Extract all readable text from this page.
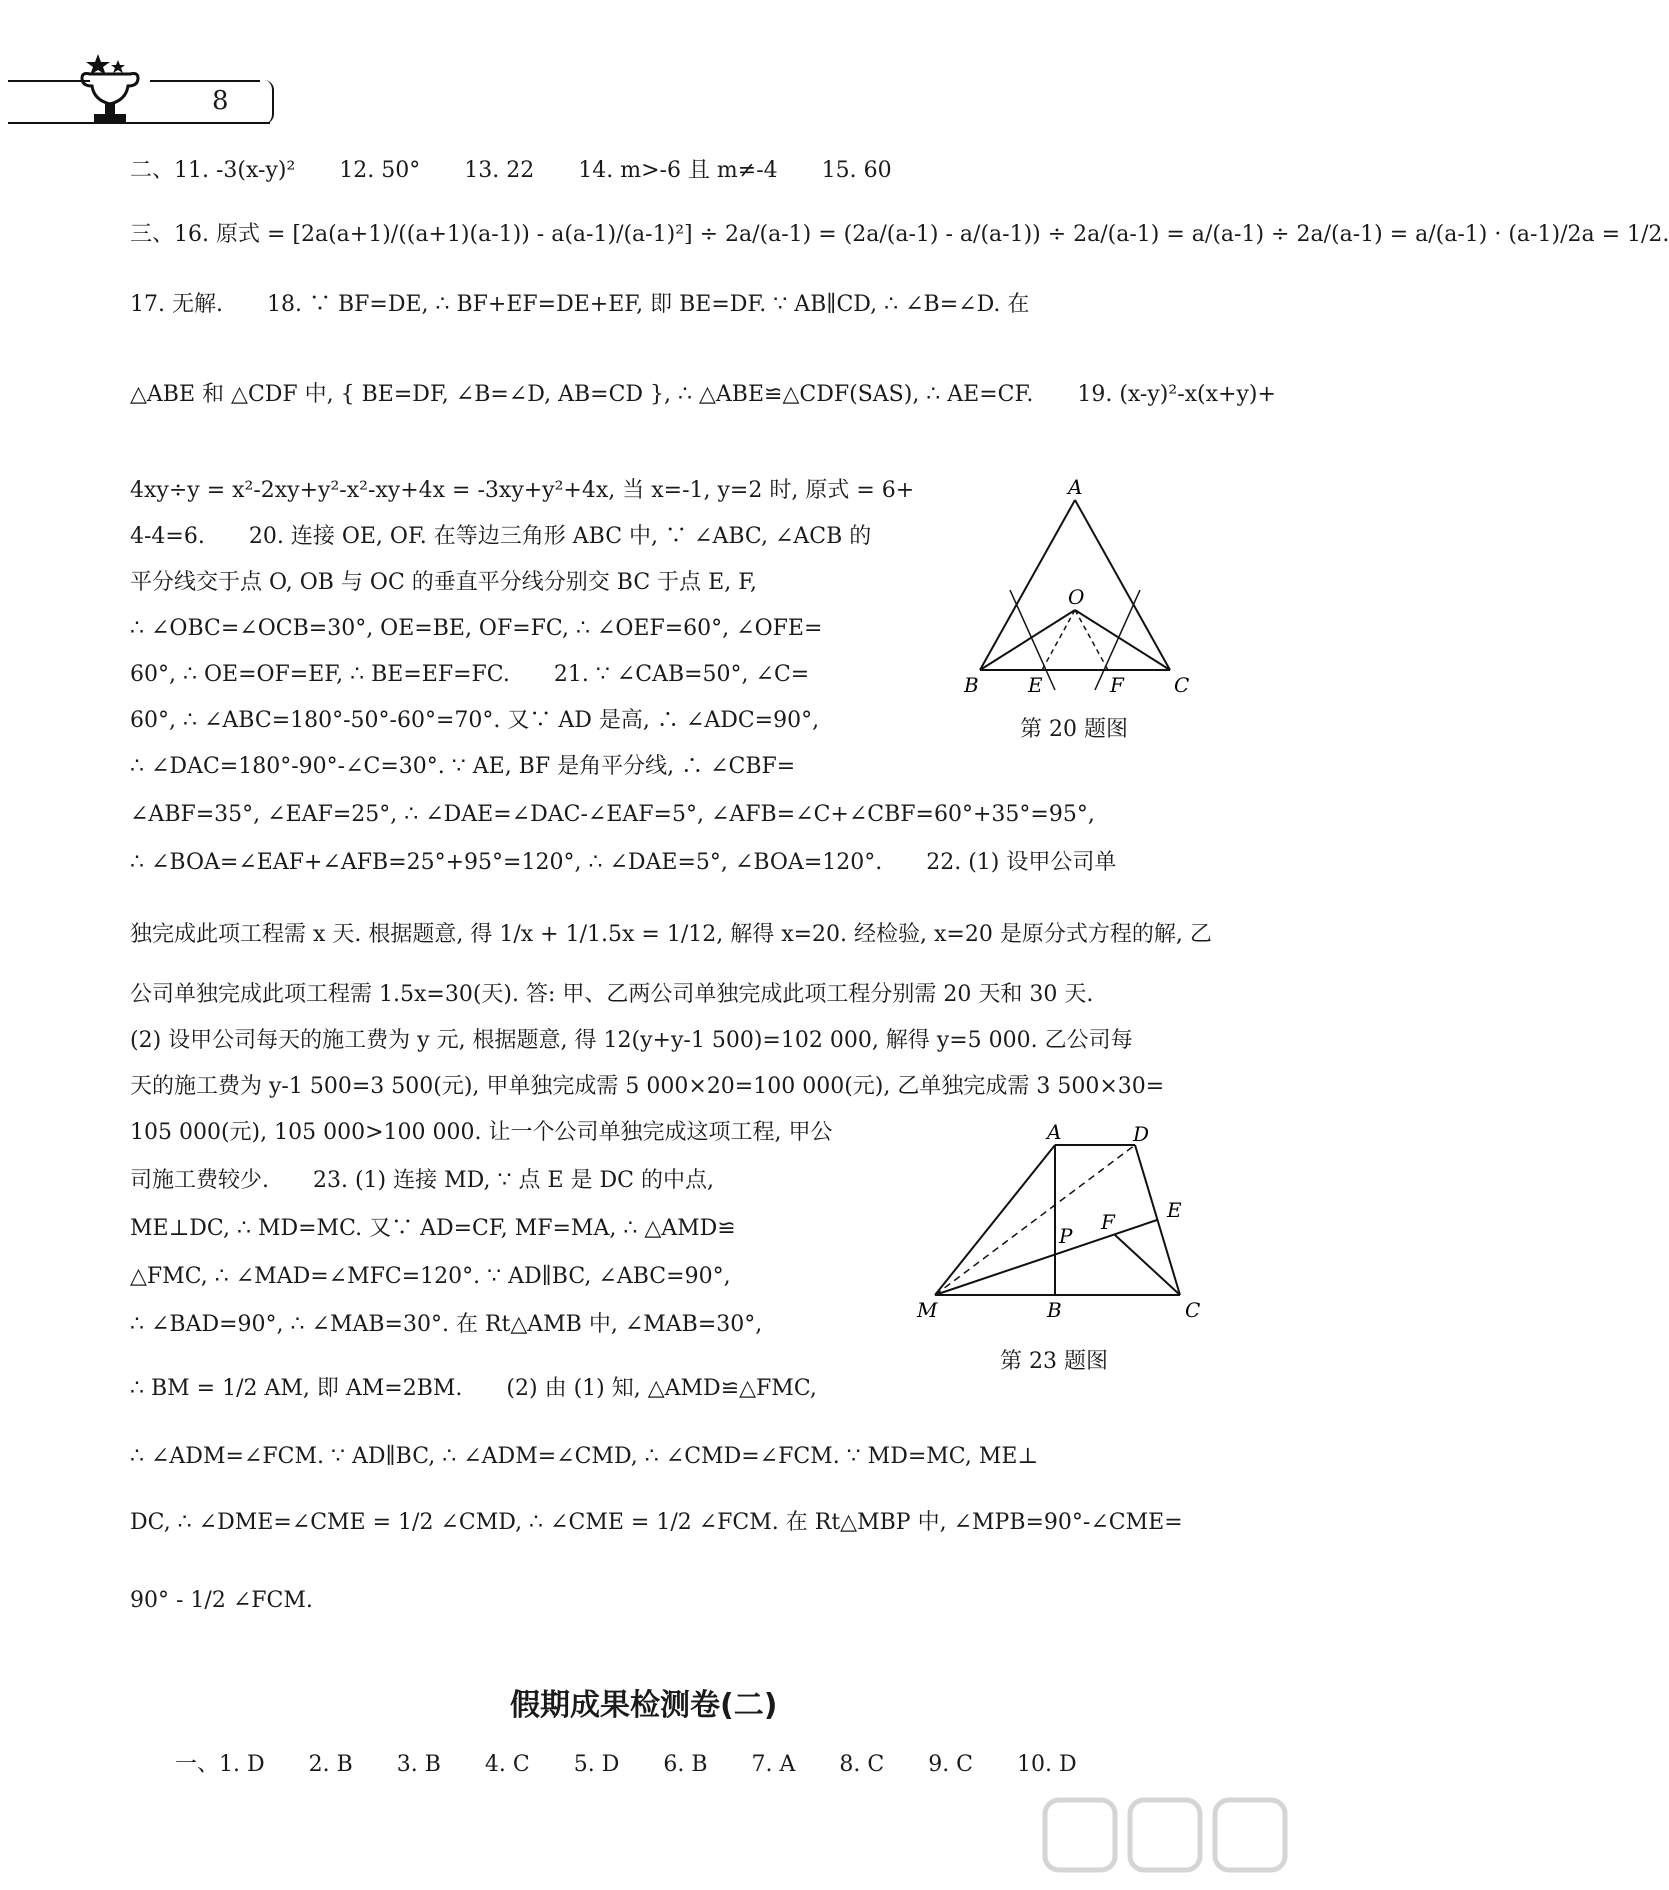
8
二、11. -3(x-y)²　　12. 50°　　13. 22　　14. m>-6 且 m≠-4　　15. 60
三、16. 原式 = [2a(a+1)/((a+1)(a-1)) - a(a-1)/(a-1)²] ÷ 2a/(a-1) = (2a/(a-1) - a/(a-1)) ÷ 2a/(a-1) = a/(a-1) ÷ 2a/(a-1) = a/(a-1) · (a-1)/2a = 1/2.
17. 无解.　　18. ∵ BF=DE, ∴ BF+EF=DE+EF, 即 BE=DF. ∵ AB∥CD, ∴ ∠B=∠D. 在
△ABE 和 △CDF 中, { BE=DF, ∠B=∠D, AB=CD }, ∴ △ABE≌△CDF(SAS), ∴ AE=CF.　　19. (x-y)²-x(x+y)+
4xy÷y = x²-2xy+y²-x²-xy+4x = -3xy+y²+4x, 当 x=-1, y=2 时, 原式 = 6+
4-4=6.　　20. 连接 OE, OF. 在等边三角形 ABC 中, ∵ ∠ABC, ∠ACB 的
平分线交于点 O, OB 与 OC 的垂直平分线分别交 BC 于点 E, F,
∴ ∠OBC=∠OCB=30°, OE=BE, OF=FC, ∴ ∠OEF=60°, ∠OFE=
60°, ∴ OE=OF=EF, ∴ BE=EF=FC.　　21. ∵ ∠CAB=50°, ∠C=
60°, ∴ ∠ABC=180°-50°-60°=70°. 又∵ AD 是高, ∴ ∠ADC=90°,
∴ ∠DAC=180°-90°-∠C=30°. ∵ AE, BF 是角平分线, ∴ ∠CBF=
∠ABF=35°, ∠EAF=25°, ∴ ∠DAE=∠DAC-∠EAF=5°, ∠AFB=∠C+∠CBF=60°+35°=95°,
∴ ∠BOA=∠EAF+∠AFB=25°+95°=120°, ∴ ∠DAE=5°, ∠BOA=120°.　　22. (1) 设甲公司单
独完成此项工程需 x 天. 根据题意, 得 1/x + 1/1.5x = 1/12, 解得 x=20. 经检验, x=20 是原分式方程的解, 乙
公司单独完成此项工程需 1.5x=30(天). 答: 甲、乙两公司单独完成此项工程分别需 20 天和 30 天.
(2) 设甲公司每天的施工费为 y 元, 根据题意, 得 12(y+y-1 500)=102 000, 解得 y=5 000. 乙公司每
天的施工费为 y-1 500=3 500(元), 甲单独完成需 5 000×20=100 000(元), 乙单独完成需 3 500×30=
105 000(元), 105 000>100 000. 让一个公司单独完成这项工程, 甲公
司施工费较少.　　23. (1) 连接 MD, ∵ 点 E 是 DC 的中点,
ME⊥DC, ∴ MD=MC. 又∵ AD=CF, MF=MA, ∴ △AMD≌
△FMC, ∴ ∠MAD=∠MFC=120°. ∵ AD∥BC, ∠ABC=90°,
∴ ∠BAD=90°, ∴ ∠MAB=30°. 在 Rt△AMB 中, ∠MAB=30°,
∴ BM = 1/2 AM, 即 AM=2BM.　　(2) 由 (1) 知, △AMD≌△FMC,
∴ ∠ADM=∠FCM. ∵ AD∥BC, ∴ ∠ADM=∠CMD, ∴ ∠CMD=∠FCM. ∵ MD=MC, ME⊥
DC, ∴ ∠DME=∠CME = 1/2 ∠CMD, ∴ ∠CME = 1/2 ∠FCM. 在 Rt△MBP 中, ∠MPB=90°-∠CME=
90° - 1/2 ∠FCM.
A
O
B E	F	C
第 20 题图
A	D
E
F
P
M	B	C
第 23 题图
假期成果检测卷(二)
一、1. D　　2. B　　3. B　　4. C　　5. D　　6. B　　7. A　　8. C　　9. C　　10. D
